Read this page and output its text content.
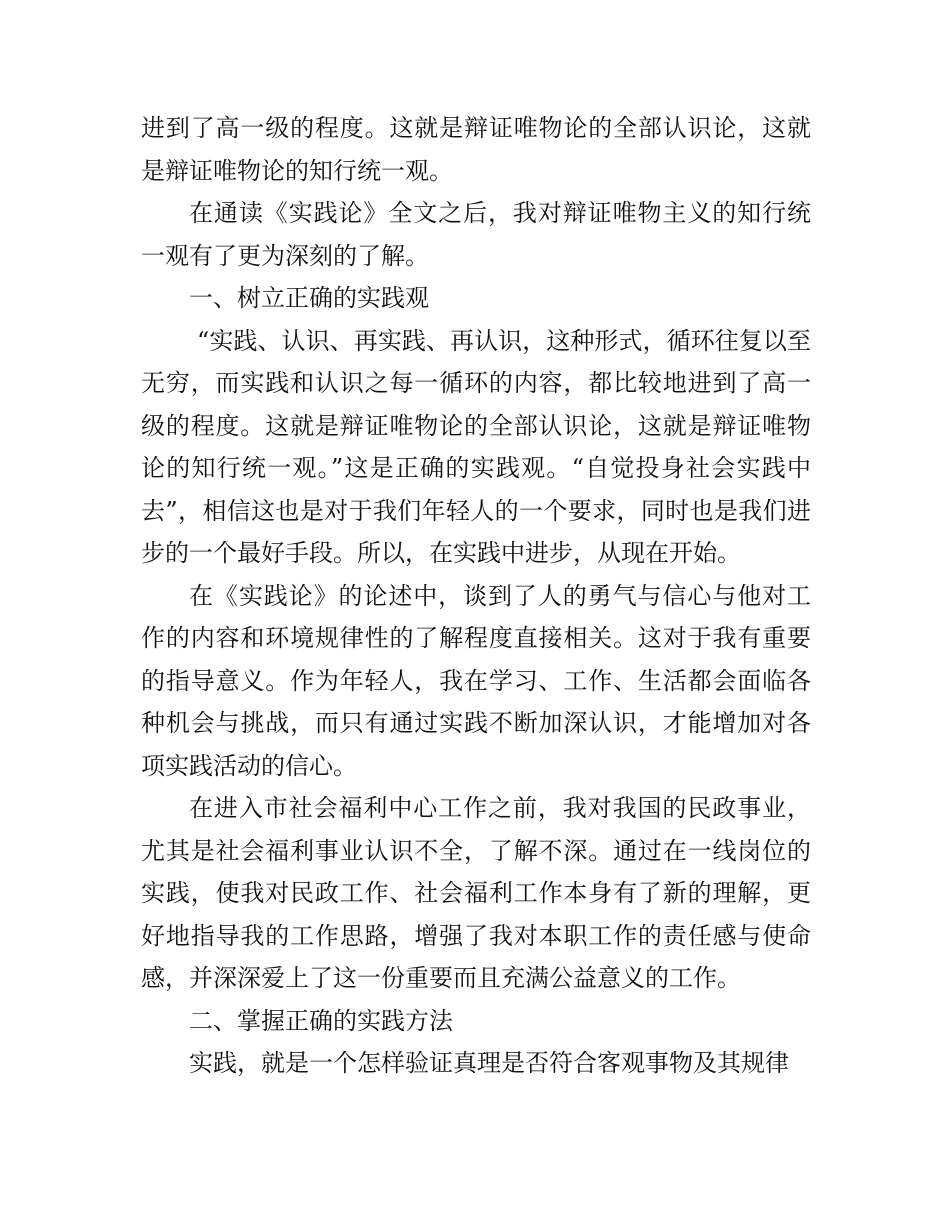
进到了高一级的程度。这就是辩证唯物论的全部认识论，这就是辩证唯物论的知行统一观。

在通读《实践论》全文之后，我对辩证唯物主义的知行统一观有了更为深刻的了解。

一、树立正确的实践观

“实践、认识、再实践、再认识，这种形式，循环往复以至无穷，而实践和认识之每一循环的内容，都比较地进到了高一级的程度。这就是辩证唯物论的全部认识论，这就是辩证唯物论的知行统一观。”这是正确的实践观。“自觉投身社会实践中去”，相信这也是对于我们年轻人的一个要求，同时也是我们进步的一个最好手段。所以，在实践中进步，从现在开始。

在《实践论》的论述中，谈到了人的勇气与信心与他对工作的内容和环境规律性的了解程度直接相关。这对于我有重要的指导意义。作为年轻人，我在学习、工作、生活都会面临各种机会与挑战，而只有通过实践不断加深认识，才能增加对各项实践活动的信心。

在进入市社会福利中心工作之前，我对我国的民政事业，尤其是社会福利事业认识不全，了解不深。通过在一线岗位的实践，使我对民政工作、社会福利工作本身有了新的理解，更好地指导我的工作思路，增强了我对本职工作的责任感与使命感，并深深爱上了这一份重要而且充满公益意义的工作。

二、掌握正确的实践方法

实践，就是一个怎样验证真理是否符合客观事物及其规律
